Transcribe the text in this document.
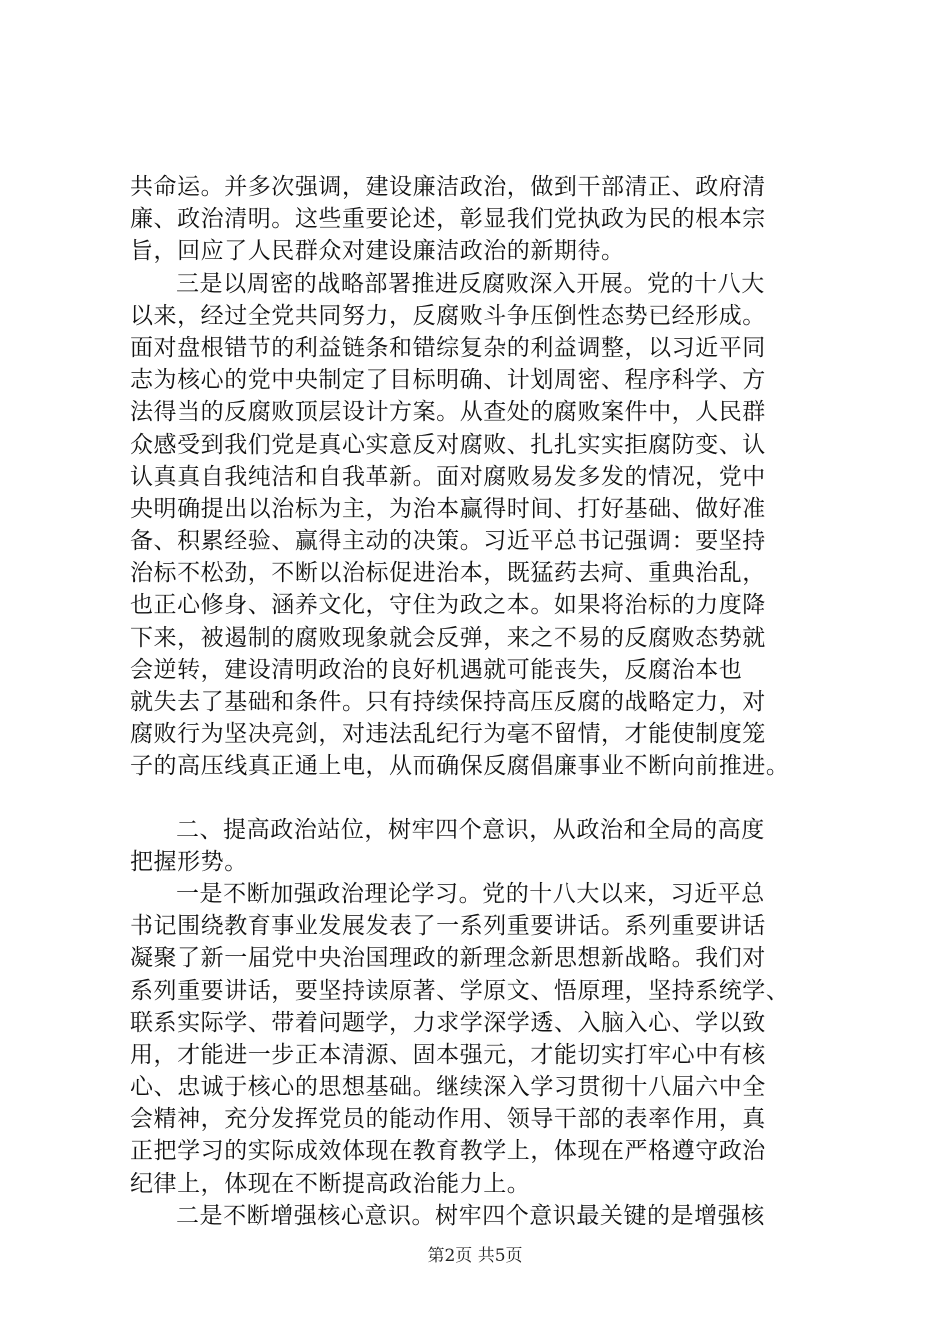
共命运。并多次强调，建设廉洁政治，做到干部清正、政府清
廉、政治清明。这些重要论述，彰显我们党执政为民的根本宗
旨，回应了人民群众对建设廉洁政治的新期待。
三是以周密的战略部署推进反腐败深入开展。党的十八大
以来，经过全党共同努力，反腐败斗争压倒性态势已经形成。
面对盘根错节的利益链条和错综复杂的利益调整，以习近平同
志为核心的党中央制定了目标明确、计划周密、程序科学、方
法得当的反腐败顶层设计方案。从查处的腐败案件中，人民群
众感受到我们党是真心实意反对腐败、扎扎实实拒腐防变、认
认真真自我纯洁和自我革新。面对腐败易发多发的情况，党中
央明确提出以治标为主，为治本赢得时间、打好基础、做好准
备、积累经验、赢得主动的决策。习近平总书记强调：要坚持
治标不松劲，不断以治标促进治本，既猛药去疴、重典治乱，
也正心修身、涵养文化，守住为政之本。如果将治标的力度降
下来，被遏制的腐败现象就会反弹，来之不易的反腐败态势就
会逆转，建设清明政治的良好机遇就可能丧失，反腐治本也
就失去了基础和条件。只有持续保持高压反腐的战略定力，对
腐败行为坚决亮剑，对违法乱纪行为毫不留情，才能使制度笼
子的高压线真正通上电，从而确保反腐倡廉事业不断向前推进。
二、提高政治站位，树牢四个意识，从政治和全局的高度
把握形势。
一是不断加强政治理论学习。党的十八大以来，习近平总
书记围绕教育事业发展发表了一系列重要讲话。系列重要讲话
凝聚了新一届党中央治国理政的新理念新思想新战略。我们对
系列重要讲话，要坚持读原著、学原文、悟原理，坚持系统学、
联系实际学、带着问题学，力求学深学透、入脑入心、学以致
用，才能进一步正本清源、固本强元，才能切实打牢心中有核
心、忠诚于核心的思想基础。继续深入学习贯彻十八届六中全
会精神，充分发挥党员的能动作用、领导干部的表率作用，真
正把学习的实际成效体现在教育教学上，体现在严格遵守政治
纪律上，体现在不断提高政治能力上。
二是不断增强核心意识。树牢四个意识最关键的是增强核
第2页 共5页
